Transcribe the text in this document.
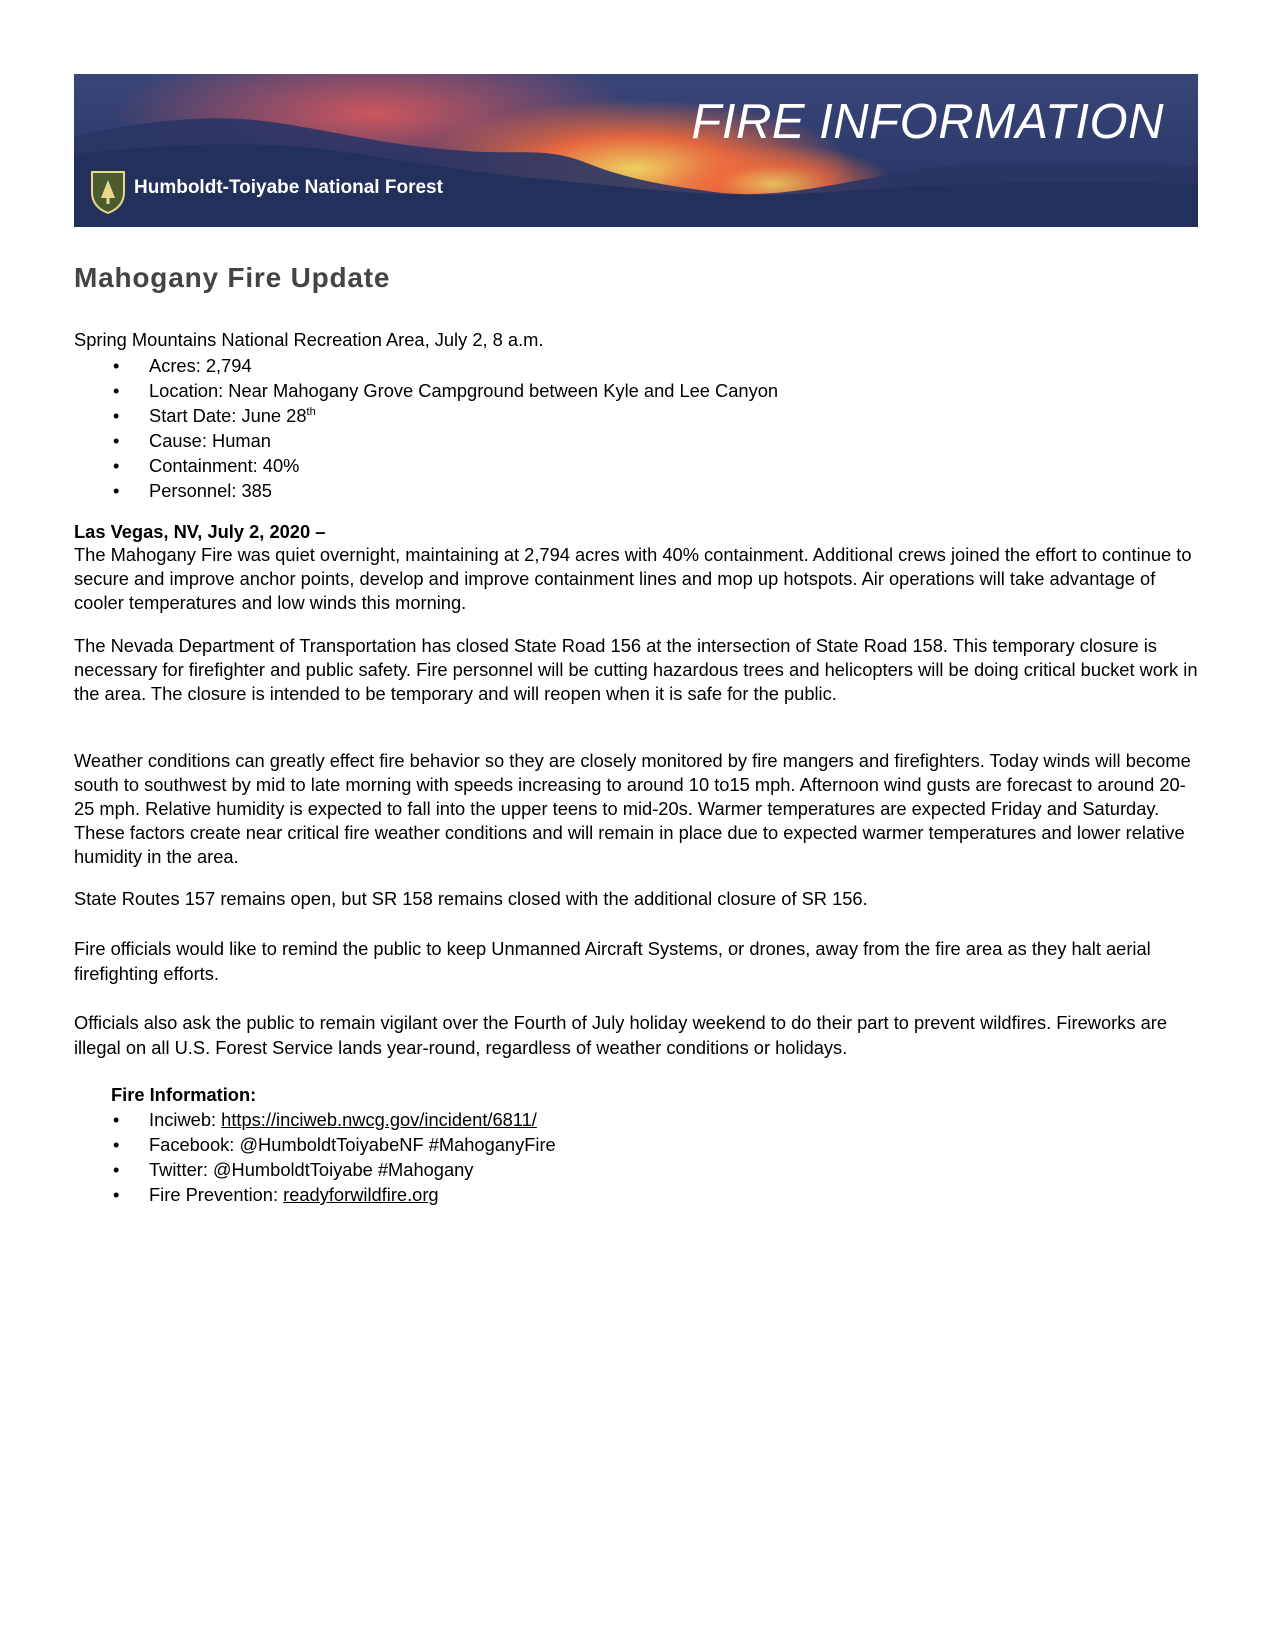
FIRE INFORMATION
Humboldt-Toiyabe National Forest
Mahogany Fire Update

Spring Mountains National Recreation Area, July 2, 8 a.m.

• Acres: 2,794
• Location: Near Mahogany Grove Campground between Kyle and Lee Canyon
• Start Date: June 28th
• Cause: Human
• Containment: 40%
• Personnel: 385

Las Vegas, NV, July 2, 2020 –

The Mahogany Fire was quiet overnight, maintaining at 2,794 acres with 40% containment. Additional crews joined the effort to continue to secure and improve anchor points, develop and improve containment lines and mop up hotspots. Air operations will take advantage of cooler temperatures and low winds this morning.

The Nevada Department of Transportation has closed State Road 156 at the intersection of State Road 158. This temporary closure is necessary for firefighter and public safety. Fire personnel will be cutting hazardous trees and helicopters will be doing critical bucket work in the area. The closure is intended to be temporary and will reopen when it is safe for the public.

Weather conditions can greatly effect fire behavior so they are closely monitored by fire mangers and firefighters. Today winds will become south to southwest by mid to late morning with speeds increasing to around 10 to15 mph. Afternoon wind gusts are forecast to around 20-25 mph. Relative humidity is expected to fall into the upper teens to mid-20s. Warmer temperatures are expected Friday and Saturday. These factors create near critical fire weather conditions and will remain in place due to expected warmer temperatures and lower relative humidity in the area.

State Routes 157 remains open, but SR 158 remains closed with the additional closure of SR 156.

Fire officials would like to remind the public to keep Unmanned Aircraft Systems, or drones, away from the fire area as they halt aerial firefighting efforts.

Officials also ask the public to remain vigilant over the Fourth of July holiday weekend to do their part to prevent wildfires. Fireworks are illegal on all U.S. Forest Service lands year-round, regardless of weather conditions or holidays.

Fire Information:

• Inciweb: https://inciweb.nwcg.gov/incident/6811/
• Facebook: @HumboldtToiyabeNF #MahoganyFire
• Twitter: @HumboldtToiyabe #Mahogany
• Fire Prevention: readyforwildfire.org
